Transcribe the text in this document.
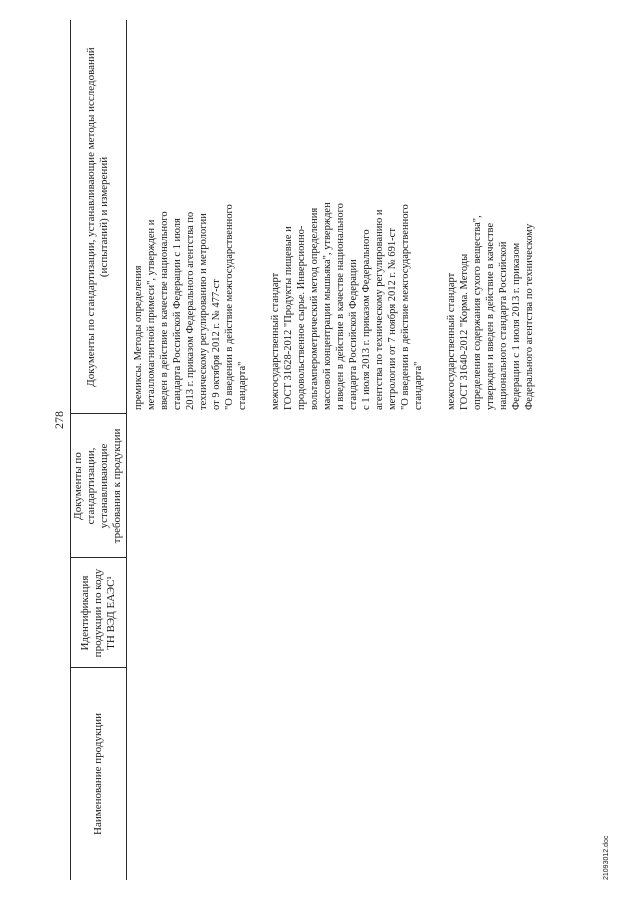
278
21093012.doc
Наименование продукции
Идентификация продукции по коду ТН ВЭД ЕАЭС¹
Документы по стандартизации, устанавливающие требования к продукции
Документы по стандартизации, устанавливающие методы исследований (испытаний) и измерений

премиксы. Методы определения металломагнитной примеси", утвержден и введен в действие в качестве национального стандарта Российской Федерации с 1 июля 2013 г. приказом Федерального агентства по техническому регулированию и метрологии от 9 октября 2012 г. № 477-ст "О введении в действие межгосударственного стандарта" межгосударственный стандарт ГОСТ 31628-2012 "Продукты пищевые и продовольственное сырье. Инверсионно- вольтамперометрический метод определения массовой концентрации мышьяка", утвержден и введен в действие в качестве национального стандарта Российской Федерации с 1 июля 2013 г. приказом Федерального агентства по техническому регулированию и метрологии от 7 ноября 2012 г. № 691-ст "О введении в действие межгосударственного стандарта" межгосударственный стандарт ГОСТ 31640-2012 "Корма. Методы определения содержания сухого вещества", утвержден и введен в действие в качестве национального стандарта Российской Федерации с 1 июля 2013 г. приказом Федерального агентства по техническому
